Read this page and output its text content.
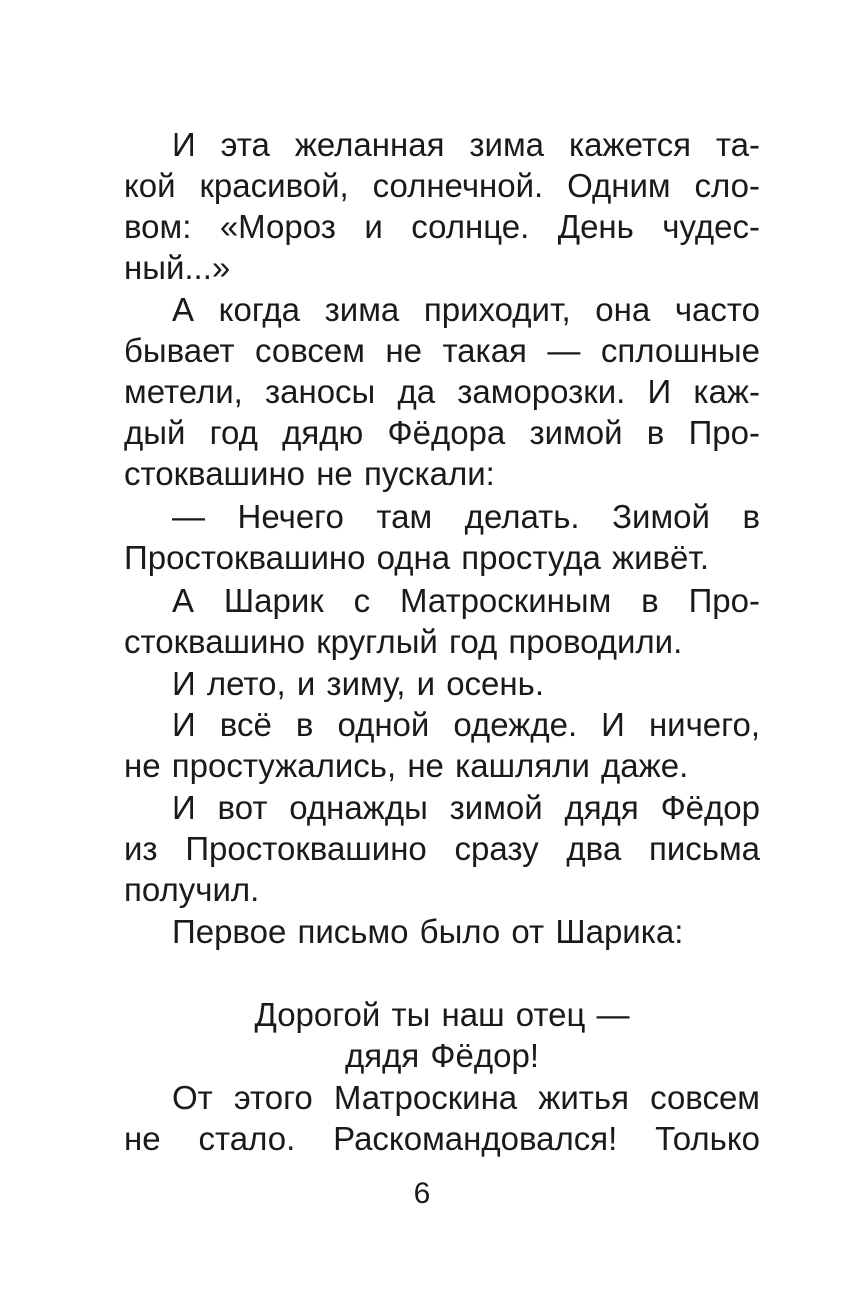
И эта желанная зима кажется та-
кой красивой, солнечной. Одним сло-
вом: «Мороз и солнце. День чудес-
ный...»
А когда зима приходит, она часто
бывает совсем не такая — сплошные
метели, заносы да заморозки. И каж-
дый год дядю Фёдора зимой в Про-
стоквашино не пускали:
— Нечего там делать. Зимой в
Простоквашино одна простуда живёт.
А Шарик с Матроскиным в Про-
стоквашино круглый год проводили.
И лето, и зиму, и осень.
И всё в одной одежде. И ничего,
не простужались, не кашляли даже.
И вот однажды зимой дядя Фёдор
из Простоквашино сразу два письма
получил.
Первое письмо было от Шарика:
Дорогой ты наш отец —
дядя Фёдор!
От этого Матроскина житья совсем
не стало. Раскомандовался! Только
6
